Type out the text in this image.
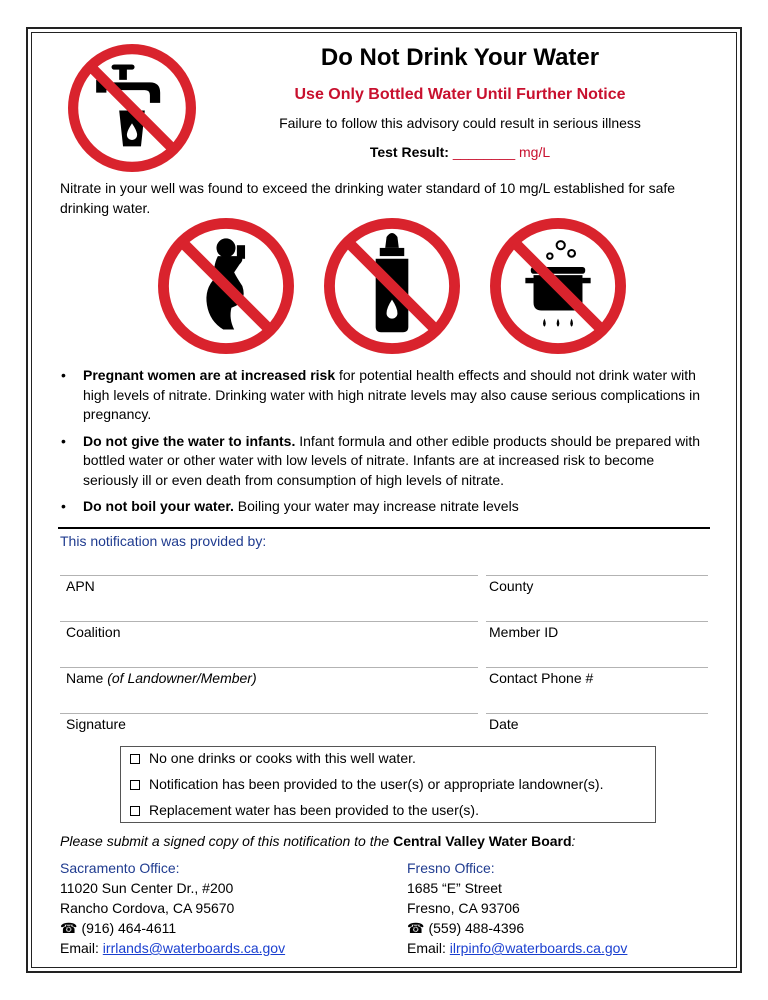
Do Not Drink Your Water
Use Only Bottled Water Until Further Notice
Failure to follow this advisory could result in serious illness
Test Result: ________ mg/L
Nitrate in your well was found to exceed the drinking water standard of 10 mg/L established for safe drinking water.
• Pregnant women are at increased risk for potential health effects and should not drink water with high levels of nitrate. Drinking water with high nitrate levels may also cause serious complications in pregnancy.
• Do not give the water to infants. Infant formula and other edible products should be prepared with bottled water or other water with low levels of nitrate. Infants are at increased risk to become seriously ill or even death from consumption of high levels of nitrate.
• Do not boil your water. Boiling your water may increase nitrate levels
This notification was provided by:
APN	County
Coalition	Member ID
Name (of Landowner/Member)	Contact Phone #
Signature	Date
No one drinks or cooks with this well water.
Notification has been provided to the user(s) or appropriate landowner(s).
Replacement water has been provided to the user(s).
Please submit a signed copy of this notification to the Central Valley Water Board:
Sacramento Office:
11020 Sun Center Dr., #200
Rancho Cordova, CA 95670
☎ (916) 464-4611
Email: irrlands@waterboards.ca.gov
Fresno Office:
1685 “E” Street
Fresno, CA 93706
☎ (559) 488-4396
Email: ilrpinfo@waterboards.ca.gov
